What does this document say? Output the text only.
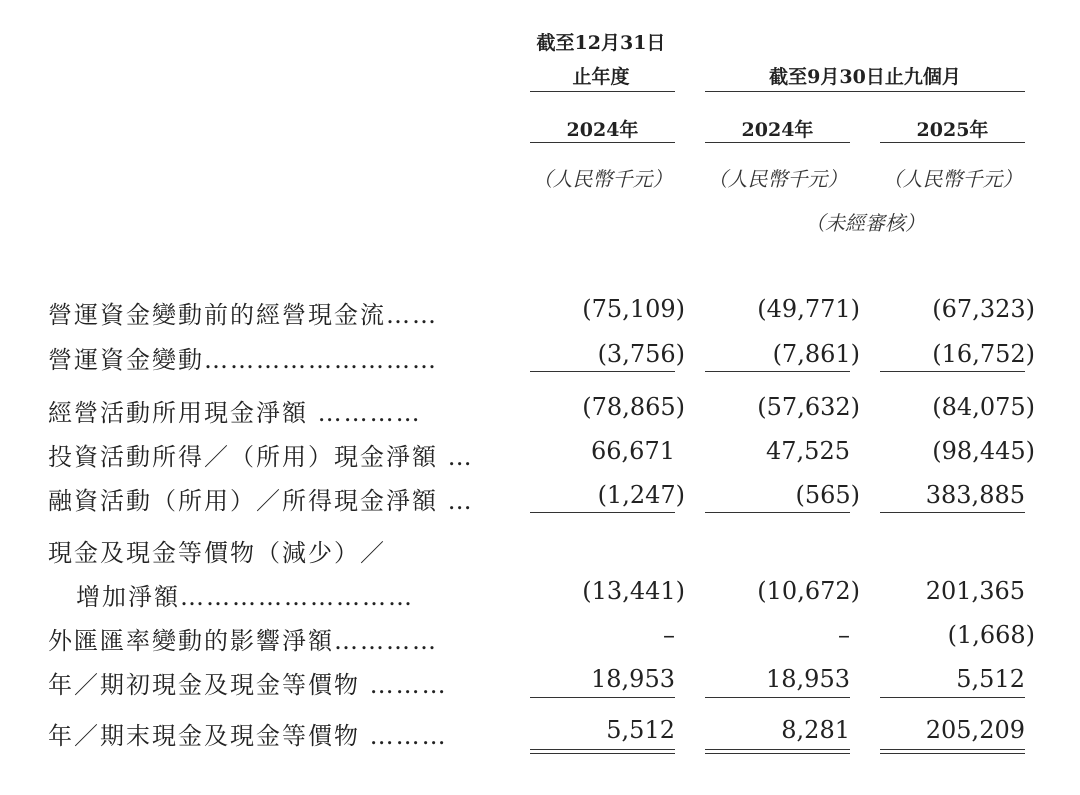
截至12月31日
止年度	截至9月30日止九個月
2024年	2024年	2025年
（人民幣千元）	（人民幣千元）	（人民幣千元）
（未經審核）
營運資金變動前的經營現金流……	(75,109)	(49,771)	(67,323)
營運資金變動………………………	(3,756)	(7,861)	(16,752)
經營活動所用現金淨額 …………	(78,865)	(57,632)	(84,075)
投資活動所得／（所用）現金淨額 …	66,671	47,525	(98,445)
融資活動（所用）／所得現金淨額 …	(1,247)	(565)	383,885
現金及現金等價物（減少）／
增加淨額………………………	(13,441)	(10,672)	201,365
外匯匯率變動的影響淨額…………	–	–	(1,668)
年／期初現金及現金等價物 ………	18,953	18,953	5,512
年／期末現金及現金等價物 ………	5,512	8,281	205,209
